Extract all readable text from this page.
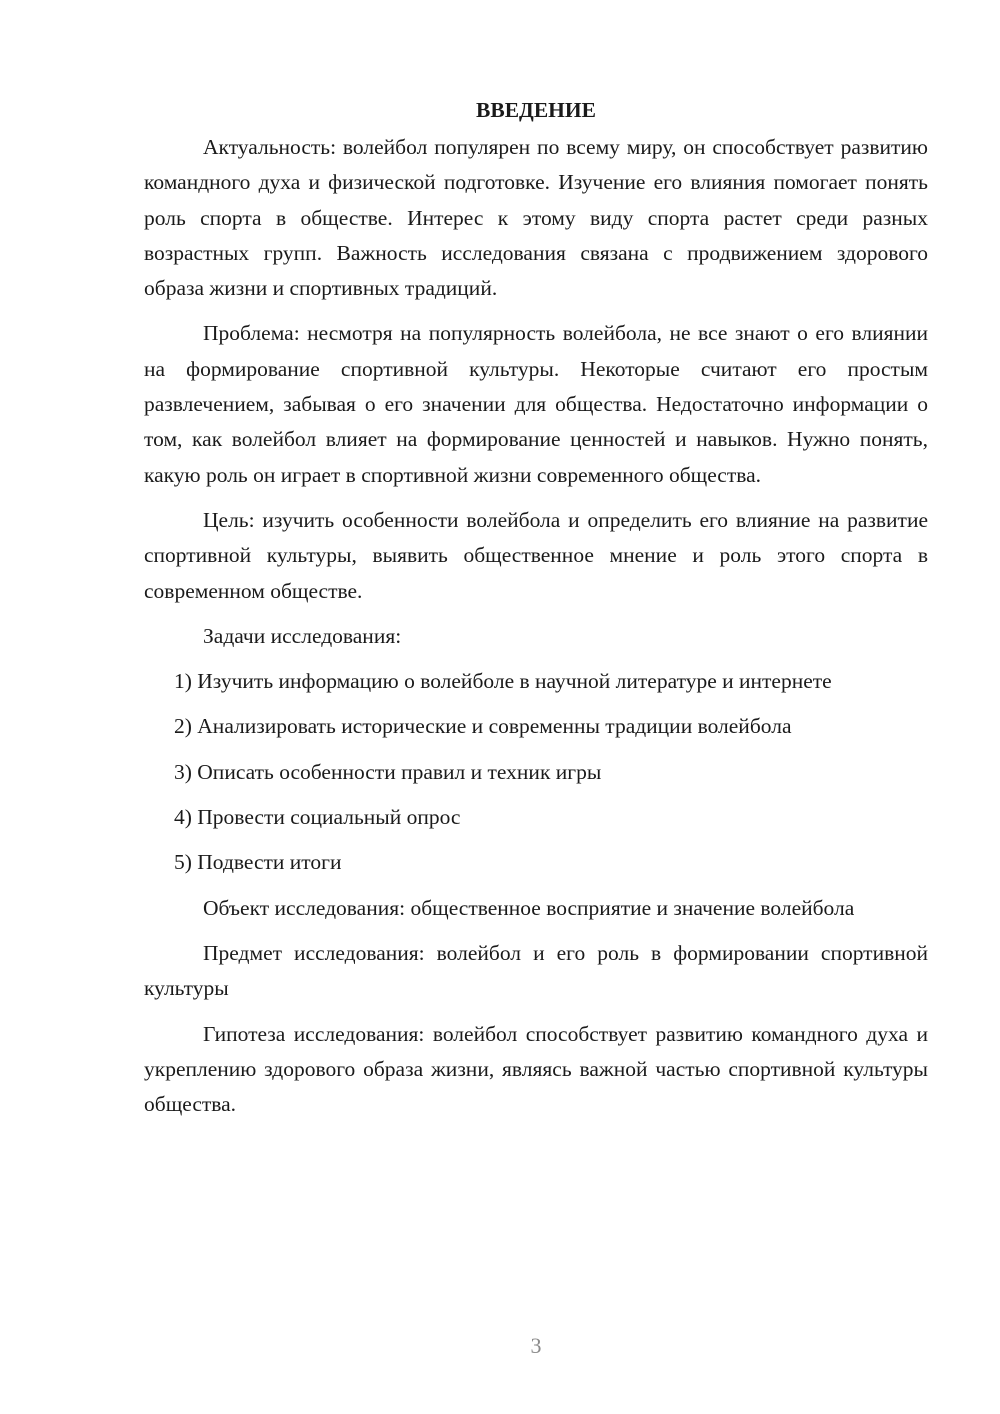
ВВЕДЕНИЕ

Актуальность: волейбол популярен по всему миру, он способствует развитию командного духа и физической подготовке. Изучение его влияния помогает понять роль спорта в обществе. Интерес к этому виду спорта растет среди разных возрастных групп. Важность исследования связана с продвижением здорового образа жизни и спортивных традиций.

Проблема: несмотря на популярность волейбола, не все знают о его влиянии на формирование спортивной культуры. Некоторые считают его простым развлечением, забывая о его значении для общества. Недостаточно информации о том, как волейбол влияет на формирование ценностей и навыков. Нужно понять, какую роль он играет в спортивной жизни современного общества.

Цель: изучить особенности волейбола и определить его влияние на развитие спортивной культуры, выявить общественное мнение и роль этого спорта в современном обществе.

Задачи исследования:

1) Изучить информацию о волейболе в научной литературе и интернете
2) Анализировать исторические и современны традиции волейбола
3) Описать особенности правил и техник игры
4) Провести социальный опрос
5) Подвести итоги

Объект исследования: общественное восприятие и значение волейбола

Предмет исследования: волейбол и его роль в формировании спортивной культуры

Гипотеза исследования: волейбол способствует развитию командного духа и укреплению здорового образа жизни, являясь важной частью спортивной культуры общества.

3
